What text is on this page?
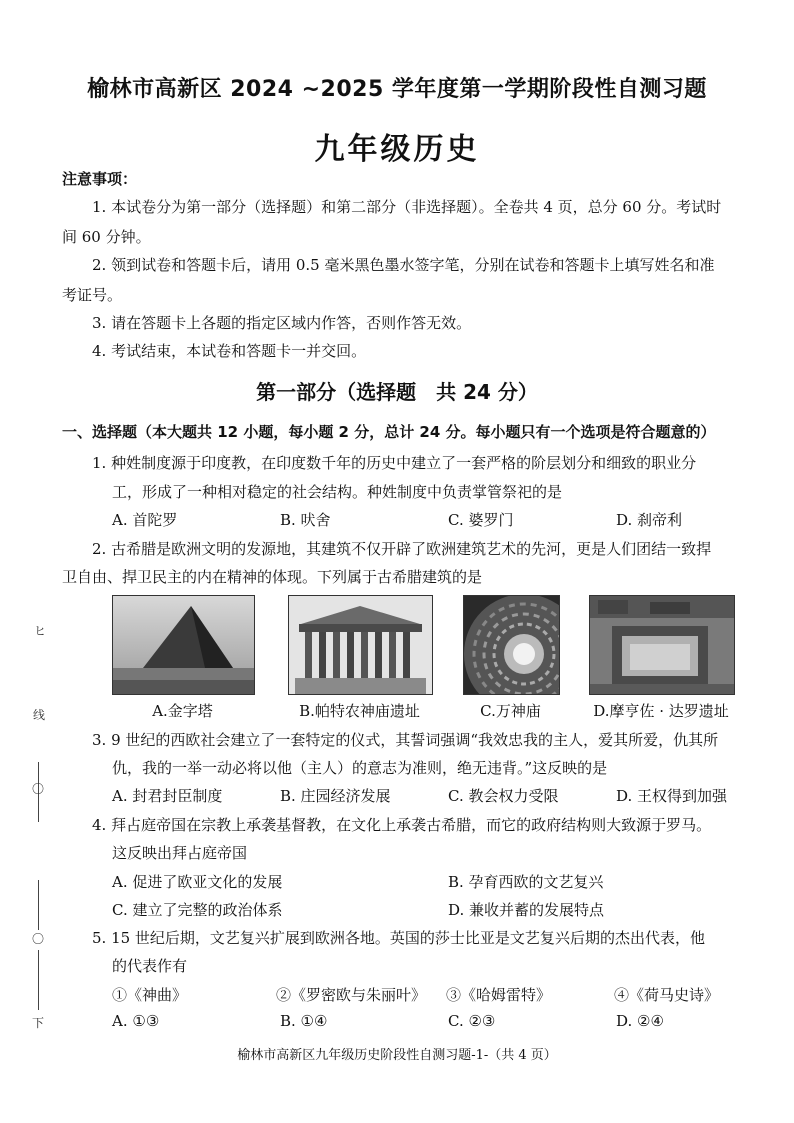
榆林市高新区 2024 ~2025 学年度第一学期阶段性自测习题
九年级历史
注意事项：
1. 本试卷分为第一部分（选择题）和第二部分（非选择题）。全卷共 4 页，总分 60 分。考试时
间 60 分钟。
2. 领到试卷和答题卡后，请用 0.5 毫米黑色墨水签字笔，分别在试卷和答题卡上填写姓名和准
考证号。
3. 请在答题卡上各题的指定区域内作答，否则作答无效。
4. 考试结束，本试卷和答题卡一并交回。
第一部分（选择题　共 24 分）
一、选择题（本大题共 12 小题，每小题 2 分，总计 24 分。每小题只有一个选项是符合题意的）
1. 种姓制度源于印度教，在印度数千年的历史中建立了一套严格的阶层划分和细致的职业分
工，形成了一种相对稳定的社会结构。种姓制度中负责掌管祭祀的是
A. 首陀罗	B. 吠舍	C. 婆罗门	D. 刹帝利
2. 古希腊是欧洲文明的发源地，其建筑不仅开辟了欧洲建筑艺术的先河，更是人们团结一致捍
卫自由、捍卫民主的内在精神的体现。下列属于古希腊建筑的是
A.金字塔	B.帕特农神庙遗址	C.万神庙	D.摩亨佐 · 达罗遗址
3. 9 世纪的西欧社会建立了一套特定的仪式，其誓词强调“我效忠我的主人，爱其所爱，仇其所
仇，我的一举一动必将以他（主人）的意志为准则，绝无违背。”这反映的是
A. 封君封臣制度	B. 庄园经济发展	C. 教会权力受限	D. 王权得到加强
4. 拜占庭帝国在宗教上承袭基督教，在文化上承袭古希腊，而它的政府结构则大致源于罗马。
这反映出拜占庭帝国
A. 促进了欧亚文化的发展	B. 孕育西欧的文艺复兴
C. 建立了完整的政治体系	D. 兼收并蓄的发展特点
5. 15 世纪后期，文艺复兴扩展到欧洲各地。英国的莎士比亚是文艺复兴后期的杰出代表，他
的代表作有
①《神曲》	②《罗密欧与朱丽叶》 ③《哈姆雷特》	④《荷马史诗》
A. ①③	B. ①④	C. ②③	D. ②④
榆林市高新区九年级历史阶段性自测习题-1-（共 4 页）
ヒ
线
〇
〇
下
